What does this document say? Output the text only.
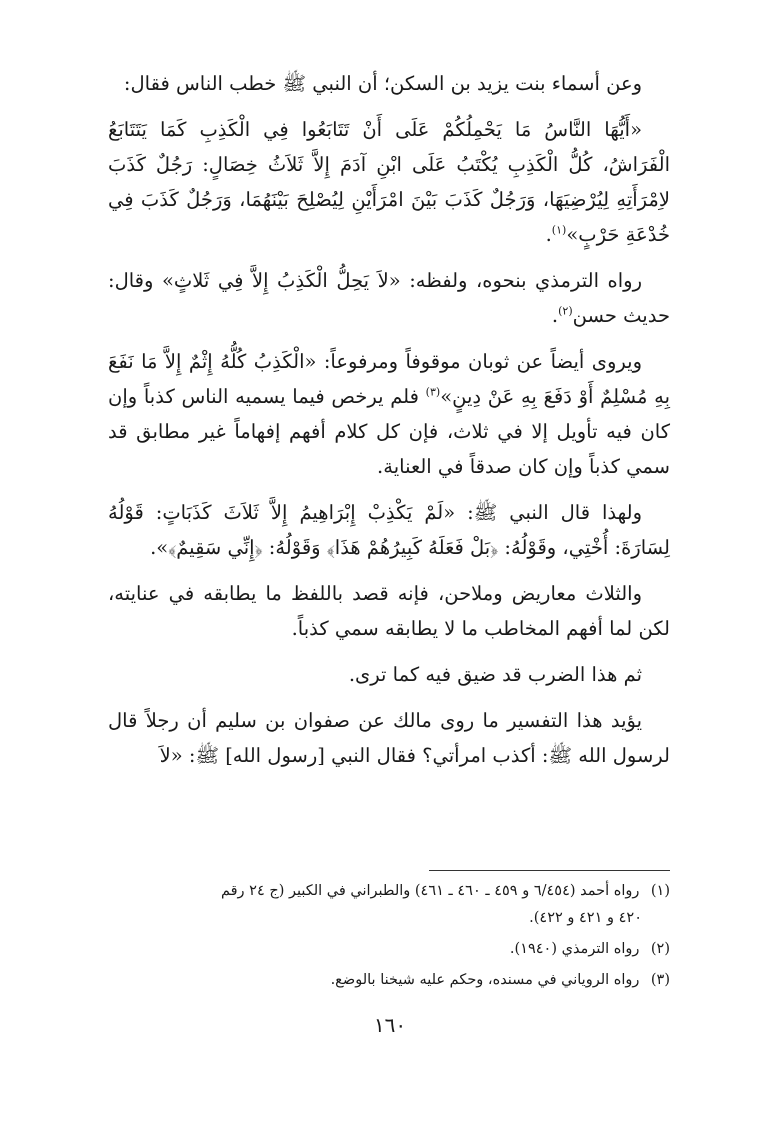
وعن أسماء بنت يزيد بن السكن؛ أن النبي ﷺ خطب الناس فقال:

«أَيُّهَا النَّاسُ مَا يَحْمِلُكُمْ عَلَى أَنْ تَتَابَعُوا فِي الْكَذِبِ كَمَا يَتَتَابَعُ الْفَرَاشُ، كُلُّ الْكَذِبِ يُكْتَبُ عَلَى ابْنِ آدَمَ إِلاَّ ثَلاَثُ خِصَالٍ: رَجُلٌ كَذَبَ لاِمْرَأَتِهِ لِيُرْضِيَهَا، وَرَجُلٌ كَذَبَ بَيْنَ امْرَأَيْنِ لِيُصْلِحَ بَيْنَهُمَا، وَرَجُلٌ كَذَبَ فِي خُدْعَةِ حَرْبٍ»$^{(١)}$.

رواه الترمذي بنحوه، ولفظه: «لاَ يَحِلُّ الْكَذِبُ إِلاَّ فِي ثَلاثٍ» وقال: حديث حسن$^{(٢)}$.

ويروى أيضاً عن ثوبان موقوفاً ومرفوعاً: «الْكَذِبُ كُلُّهُ إِثْمٌ إِلاَّ مَا نَفَعَ بِهِ مُسْلِمٌ أَوْ دَفَعَ بِهِ عَنْ دِينٍ»$^{(٣)}$ فلم يرخص فيما يسميه الناس كذباً وإن كان فيه تأويل إلا في ثلاث، فإن كل كلام أفهم إفهاماً غير مطابق قد سمي كذباً وإن كان صدقاً في العناية.

ولهذا قال النبي ﷺ: «لَمْ يَكْذِبْ إِبْرَاهِيمُ إِلاَّ ثَلاَثَ كَذَبَاتٍ: قَوْلُهُ لِسَارَةَ: أُخْتِي، وقَوْلُهُ: ﴿بَلْ فَعَلَهُ كَبِيرُهُمْ هَذَا﴾ وَقَوْلُهُ: ﴿إِنِّي سَقِيمٌ﴾».

والثلاث معاريض وملاحن، فإنه قصد باللفظ ما يطابقه في عنايته، لكن لما أفهم المخاطب ما لا يطابقه سمي كذباً.

ثم هذا الضرب قد ضيق فيه كما ترى.

يؤيد هذا التفسير ما روى مالك عن صفوان بن سليم أن رجلاً قال لرسول الله ﷺ: أكذب امرأتي؟ فقال النبي [رسول الله] ﷺ: «لاَ

(١) رواه أحمد (٦/٤٥٤ و ٤٥٩ ـ ٤٦٠ ـ ٤٦١) والطبراني في الكبير (ج ٢٤ رقم
٤٢٠ و ٤٢١ و ٤٢٢).
(٢) رواه الترمذي (١٩٤٠).
(٣) رواه الروياني في مسنده، وحكم عليه شيخنا بالوضع.
١٦٠
